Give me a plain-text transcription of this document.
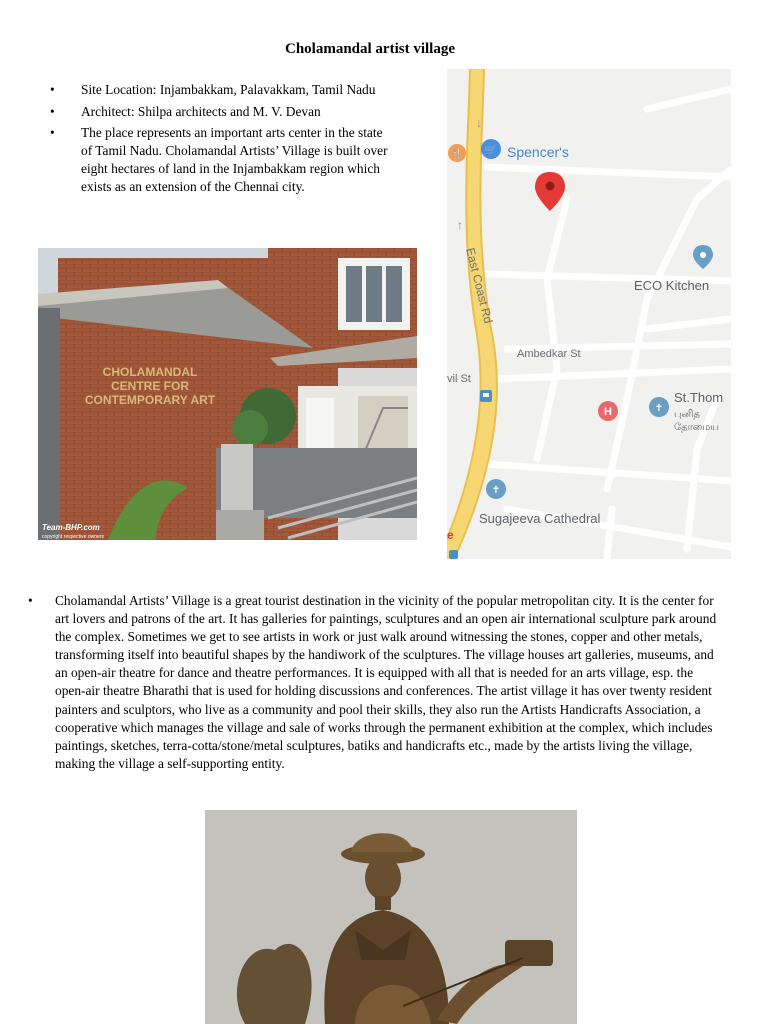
Cholamandal artist village
• Site Location: Injambakkam, Palavakkam, Tamil Nadu
• Architect: Shilpa architects and M. V. Devan
• The place represents an important arts center in the state of Tamil Nadu. Cholamandal Artists’ Village is built over eight hectares of land in the Injambakkam region which exists as an extension of the Chennai city.
CHOLAMANDAL
CENTRE FOR
CONTEMPORARY ART
Team-BHP.com
copyright respective owners
East Coast Rd
↓
↑
🍴 🛒 Spencer's
ECO Kitchen
Ambedkar St
vil St
H	✝
St.Thom
புனித
தோமைய
✝
Sugajeeva Cathedral
e
• Cholamandal Artists’ Village is a great tourist destination in the vicinity of the popular metropolitan city. It is the center for art lovers and patrons of the art. It has galleries for paintings, sculptures and an open air international sculpture park around the complex. Sometimes we get to see artists in work or just walk around witnessing the stones, copper and other metals, transforming itself into beautiful shapes by the handiwork of the sculptures. The village houses art galleries, museums, and an open-air theatre for dance and theatre performances. It is equipped with all that is needed for an arts village, esp. the open-air theatre Bharathi that is used for holding discussions and conferences. The artist village it has over twenty resident painters and sculptors, who live as a community and pool their skills, they also run the Artists Handicrafts Association, a cooperative which manages the village and sale of works through the permanent exhibition at the complex, which includes paintings, sketches, terra-cotta/stone/metal sculptures, batiks and handicrafts etc., made by the artists living the village, making the village a self-supporting entity.
